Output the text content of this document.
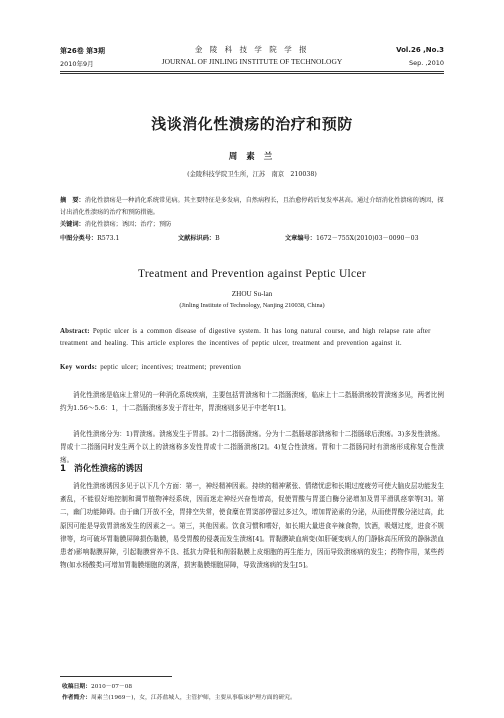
第26卷 第3期
2010年9月
金 陵 科 技 学 院 学 报
JOURNAL OF JINLING INSTITUTE OF TECHNOLOGY
Vol.26 ,No.3
Sep. ,2010
浅谈消化性溃疡的治疗和预防
周 素 兰
(金陵科技学院卫生所，江苏　南京　210038)
摘　要：消化性溃疡是一种消化系统常见病。其主要特征是多发病，自然病程长，且治愈停药后复发率甚高。通过介绍消化性溃疡的诱因，探讨出消化性溃疡的治疗和预防措施。
关键词：消化性溃疡；诱因；治疗；预防
中图分类号：R573.1	文献标识码：B	文章编号：1672－755X(2010)03－0090－03
Treatment and Prevention against Peptic Ulcer
ZHOU Su-lan
(Jinling Institute of Technology, Nanjing 210038, China)
Abstract: Peptic ulcer is a common disease of digestive system. It has long natural course, and high relapse rate after treatment and healing. This article explores the incentives of peptic ulcer, treatment and prevention against it.
Key words: peptic ulcer; incentives; treatment; prevention

消化性溃疡是临床上常见的一种消化系统疾病，主要包括胃溃疡和十二指肠溃疡，临床上十二指肠溃疡较胃溃疡多见，两者比例约为1.56～5.6：1，十二指肠溃疡多发于青壮年，胃溃疡则多见于中老年[1]。

消化性溃疡分为：1)胃溃疡。溃疡发生于胃部。2)十二指肠溃疡。分为十二指肠球部溃疡和十二指肠球后溃疡。3)多发性溃疡。胃或十二指肠同时发生两个以上的溃疡称多发性胃或十二指肠溃疡[2]。4)复合性溃疡。胃和十二指肠同时有溃疡形成称复合性溃疡。

1 消化性溃疡的诱因

消化性溃疡诱因多见于以下几个方面：第一，神经精神因素。持续的精神紧张、情绪忧虑和长期过度疲劳可使大脑皮层功能发生紊乱，不能很好地控制和调节植物神经系统，因而迷走神经兴奋性增高，促使胃酸与胃蛋白酶分泌增加及胃平滑肌痉挛等[3]。第二，幽门功能障碍。由于幽门开放不全，胃排空失常，使食糜在胃窦部停留过多过久，增加胃泌素的分泌，从而使胃酸分泌过高，此原因可能是导致胃溃疡发生的因素之一。第三，其他因素。饮食习惯和嗜好，如长期大量进食辛辣食物，饮酒，吸烟过度，进食不规律等，均可破坏胃黏膜屏障损伤黏膜，易受胃酸的侵袭而发生溃疡[4]。胃黏膜缺血病变(如肝硬变病人的门静脉高压所致的静脉淤血患者)影响黏膜屏障，引起黏膜营养不良、抵抗力降低和削弱黏膜上皮细胞的再生能力，因而导致溃疡病的发生；药物作用，某些药物(如水杨酸类)可增加胃黏膜细胞的剥落，损害黏膜细胞屏障，导致溃疡病的发生[5]。

收稿日期：2010－07－08
作者简介：周素兰(1969－)，女，江苏盐城人，主管护师，主要从事临床护理方面的研究。
